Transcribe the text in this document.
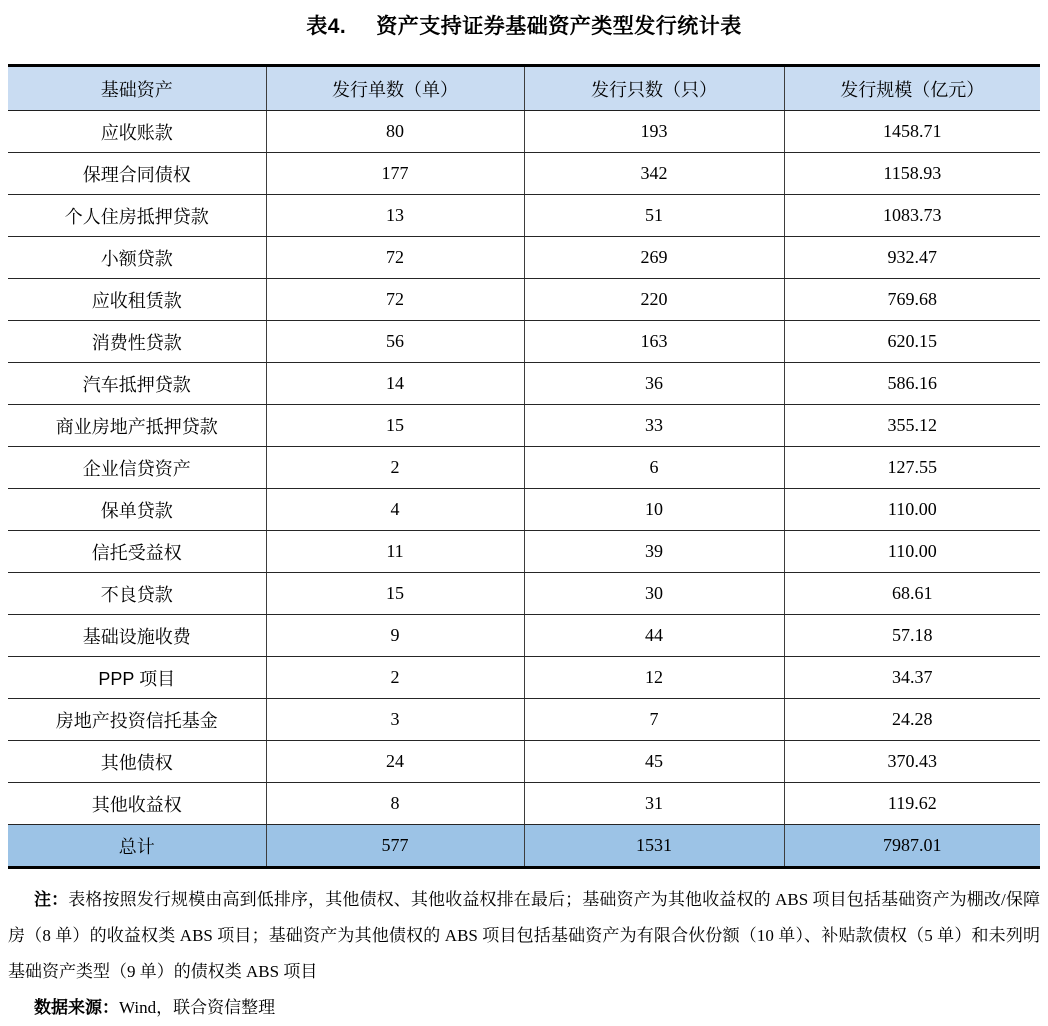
表4. 资产支持证券基础资产类型发行统计表
基础资产	发行单数（单）	发行只数（只）	发行规模（亿元）
应收账款	80	193	1458.71
保理合同债权	177	342	1158.93
个人住房抵押贷款	13	51	1083.73
小额贷款	72	269	932.47
应收租赁款	72	220	769.68
消费性贷款	56	163	620.15
汽车抵押贷款	14	36	586.16
商业房地产抵押贷款	15	33	355.12
企业信贷资产	2	6	127.55
保单贷款	4	10	110.00
信托受益权	11	39	110.00
不良贷款	15	30	68.61
基础设施收费	9	44	57.18
PPP 项目	2	12	34.37
房地产投资信托基金	3	7	24.28
其他债权	24	45	370.43
其他收益权	8	31	119.62
总计	577	1531	7987.01

注：表格按照发行规模由高到低排序，其他债权、其他收益权排在最后；基础资产为其他收益权的 ABS 项目包括基础资产为棚改/保障房（8 单）的收益权类 ABS 项目；基础资产为其他债权的 ABS 项目包括基础资产为有限合伙份额（10 单）、补贴款债权（5 单）和未列明基础资产类型（9 单）的债权类 ABS 项目

数据来源：Wind，联合资信整理
